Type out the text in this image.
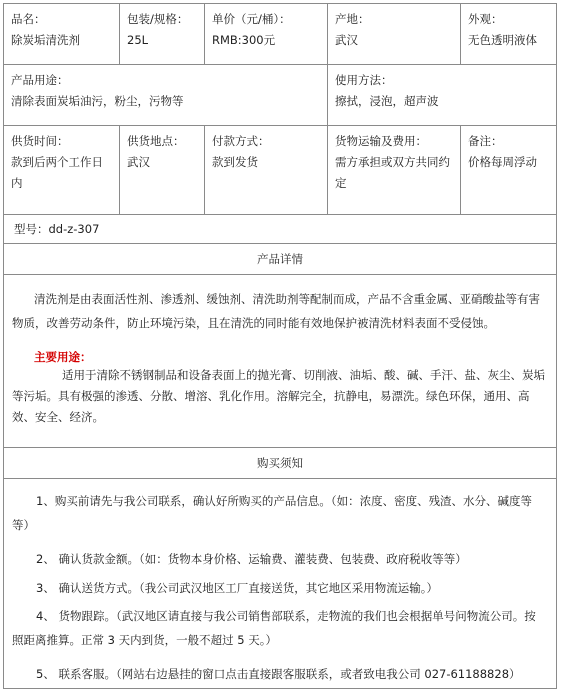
品名：
除炭垢清洗剂
包装/规格：
25L
单价（元/桶）：
RMB:300元
产地：
武汉
外观：
无色透明液体
产品用途：
清除表面炭垢油污，粉尘，污物等
使用方法：
擦拭，浸泡，超声波
供货时间：
款到后两个工作日内
供货地点：
武汉
付款方式：
款到发货
货物运输及费用：
需方承担或双方共同约定
备注：
价格每周浮动
型号：dd-z-307
产品详情
清洗剂是由表面活性剂、渗透剂、缓蚀剂、清洗助剂等配制而成，产品不含重金属、亚硝酸盐等有害物质，改善劳动条件，防止环境污染，且在清洗的同时能有效地保护被清洗材料表面不受侵蚀。
主要用途：
适用于清除不锈钢制品和设备表面上的抛光膏、切削液、油垢、酸、碱、手汗、盐、灰尘、炭垢等污垢。具有极强的渗透、分散、增溶、乳化作用。溶解完全，抗静电，易漂洗。绿色环保，通用、高效、安全、经济。
购买须知
1、购买前请先与我公司联系，确认好所购买的产品信息。（如：浓度、密度、残渣、水分、碱度等等）
2、 确认货款金额。（如：货物本身价格、运输费、灌装费、包装费、政府税收等等）
3、 确认送货方式。（我公司武汉地区工厂直接送货，其它地区采用物流运输。）
4、 货物跟踪。（武汉地区请直接与我公司销售部联系，走物流的我们也会根据单号问物流公司。按照距离推算。正常 3 天内到货，一般不超过 5 天。）
5、 联系客服。（网站右边悬挂的窗口点击直接跟客服联系，或者致电我公司 027-61188828）
